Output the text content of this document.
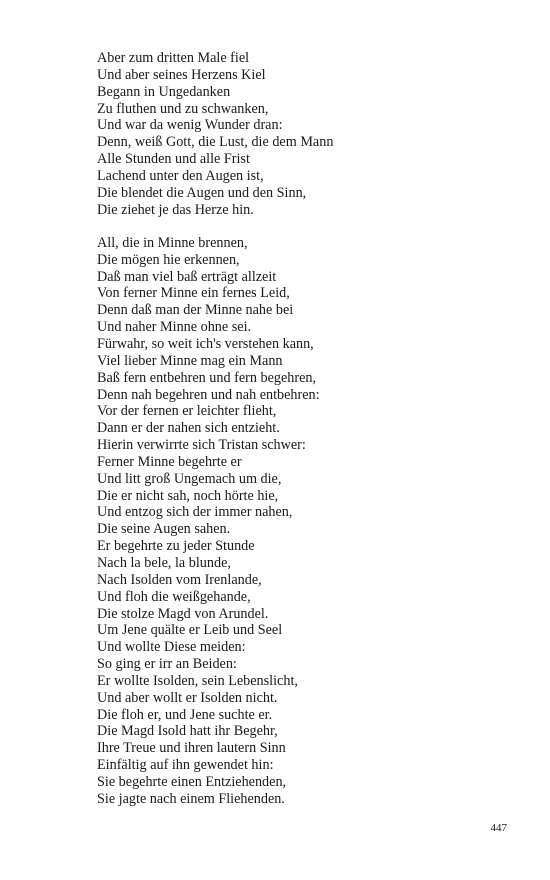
Aber zum dritten Male fiel
Und aber seines Herzens Kiel
Begann in Ungedanken
Zu fluthen und zu schwanken,
Und war da wenig Wunder dran:
Denn, weiß Gott, die Lust, die dem Mann
Alle Stunden und alle Frist
Lachend unter den Augen ist,
Die blendet die Augen und den Sinn,
Die ziehet je das Herze hin.

All, die in Minne brennen,
Die mögen hie erkennen,
Daß man viel baß erträgt allzeit
Von ferner Minne ein fernes Leid,
Denn daß man der Minne nahe bei
Und naher Minne ohne sei.
Fürwahr, so weit ich's verstehen kann,
Viel lieber Minne mag ein Mann
Baß fern entbehren und fern begehren,
Denn nah begehren und nah entbehren:
Vor der fernen er leichter flieht,
Dann er der nahen sich entzieht.
Hierin verwirrte sich Tristan schwer:
Ferner Minne begehrte er
Und litt groß Ungemach um die,
Die er nicht sah, noch hörte hie,
Und entzog sich der immer nahen,
Die seine Augen sahen.
Er begehrte zu jeder Stunde
Nach la bele, la blunde,
Nach Isolden vom Irenlande,
Und floh die weißgehande,
Die stolze Magd von Arundel.
Um Jene quälte er Leib und Seel
Und wollte Diese meiden:
So ging er irr an Beiden:
Er wollte Isolden, sein Lebenslicht,
Und aber wollt er Isolden nicht.
Die floh er, und Jene suchte er.
Die Magd Isold hatt ihr Begehr,
Ihre Treue und ihren lautern Sinn
Einfältig auf ihn gewendet hin:
Sie begehrte einen Entziehenden,
Sie jagte nach einem Fliehenden.

447
